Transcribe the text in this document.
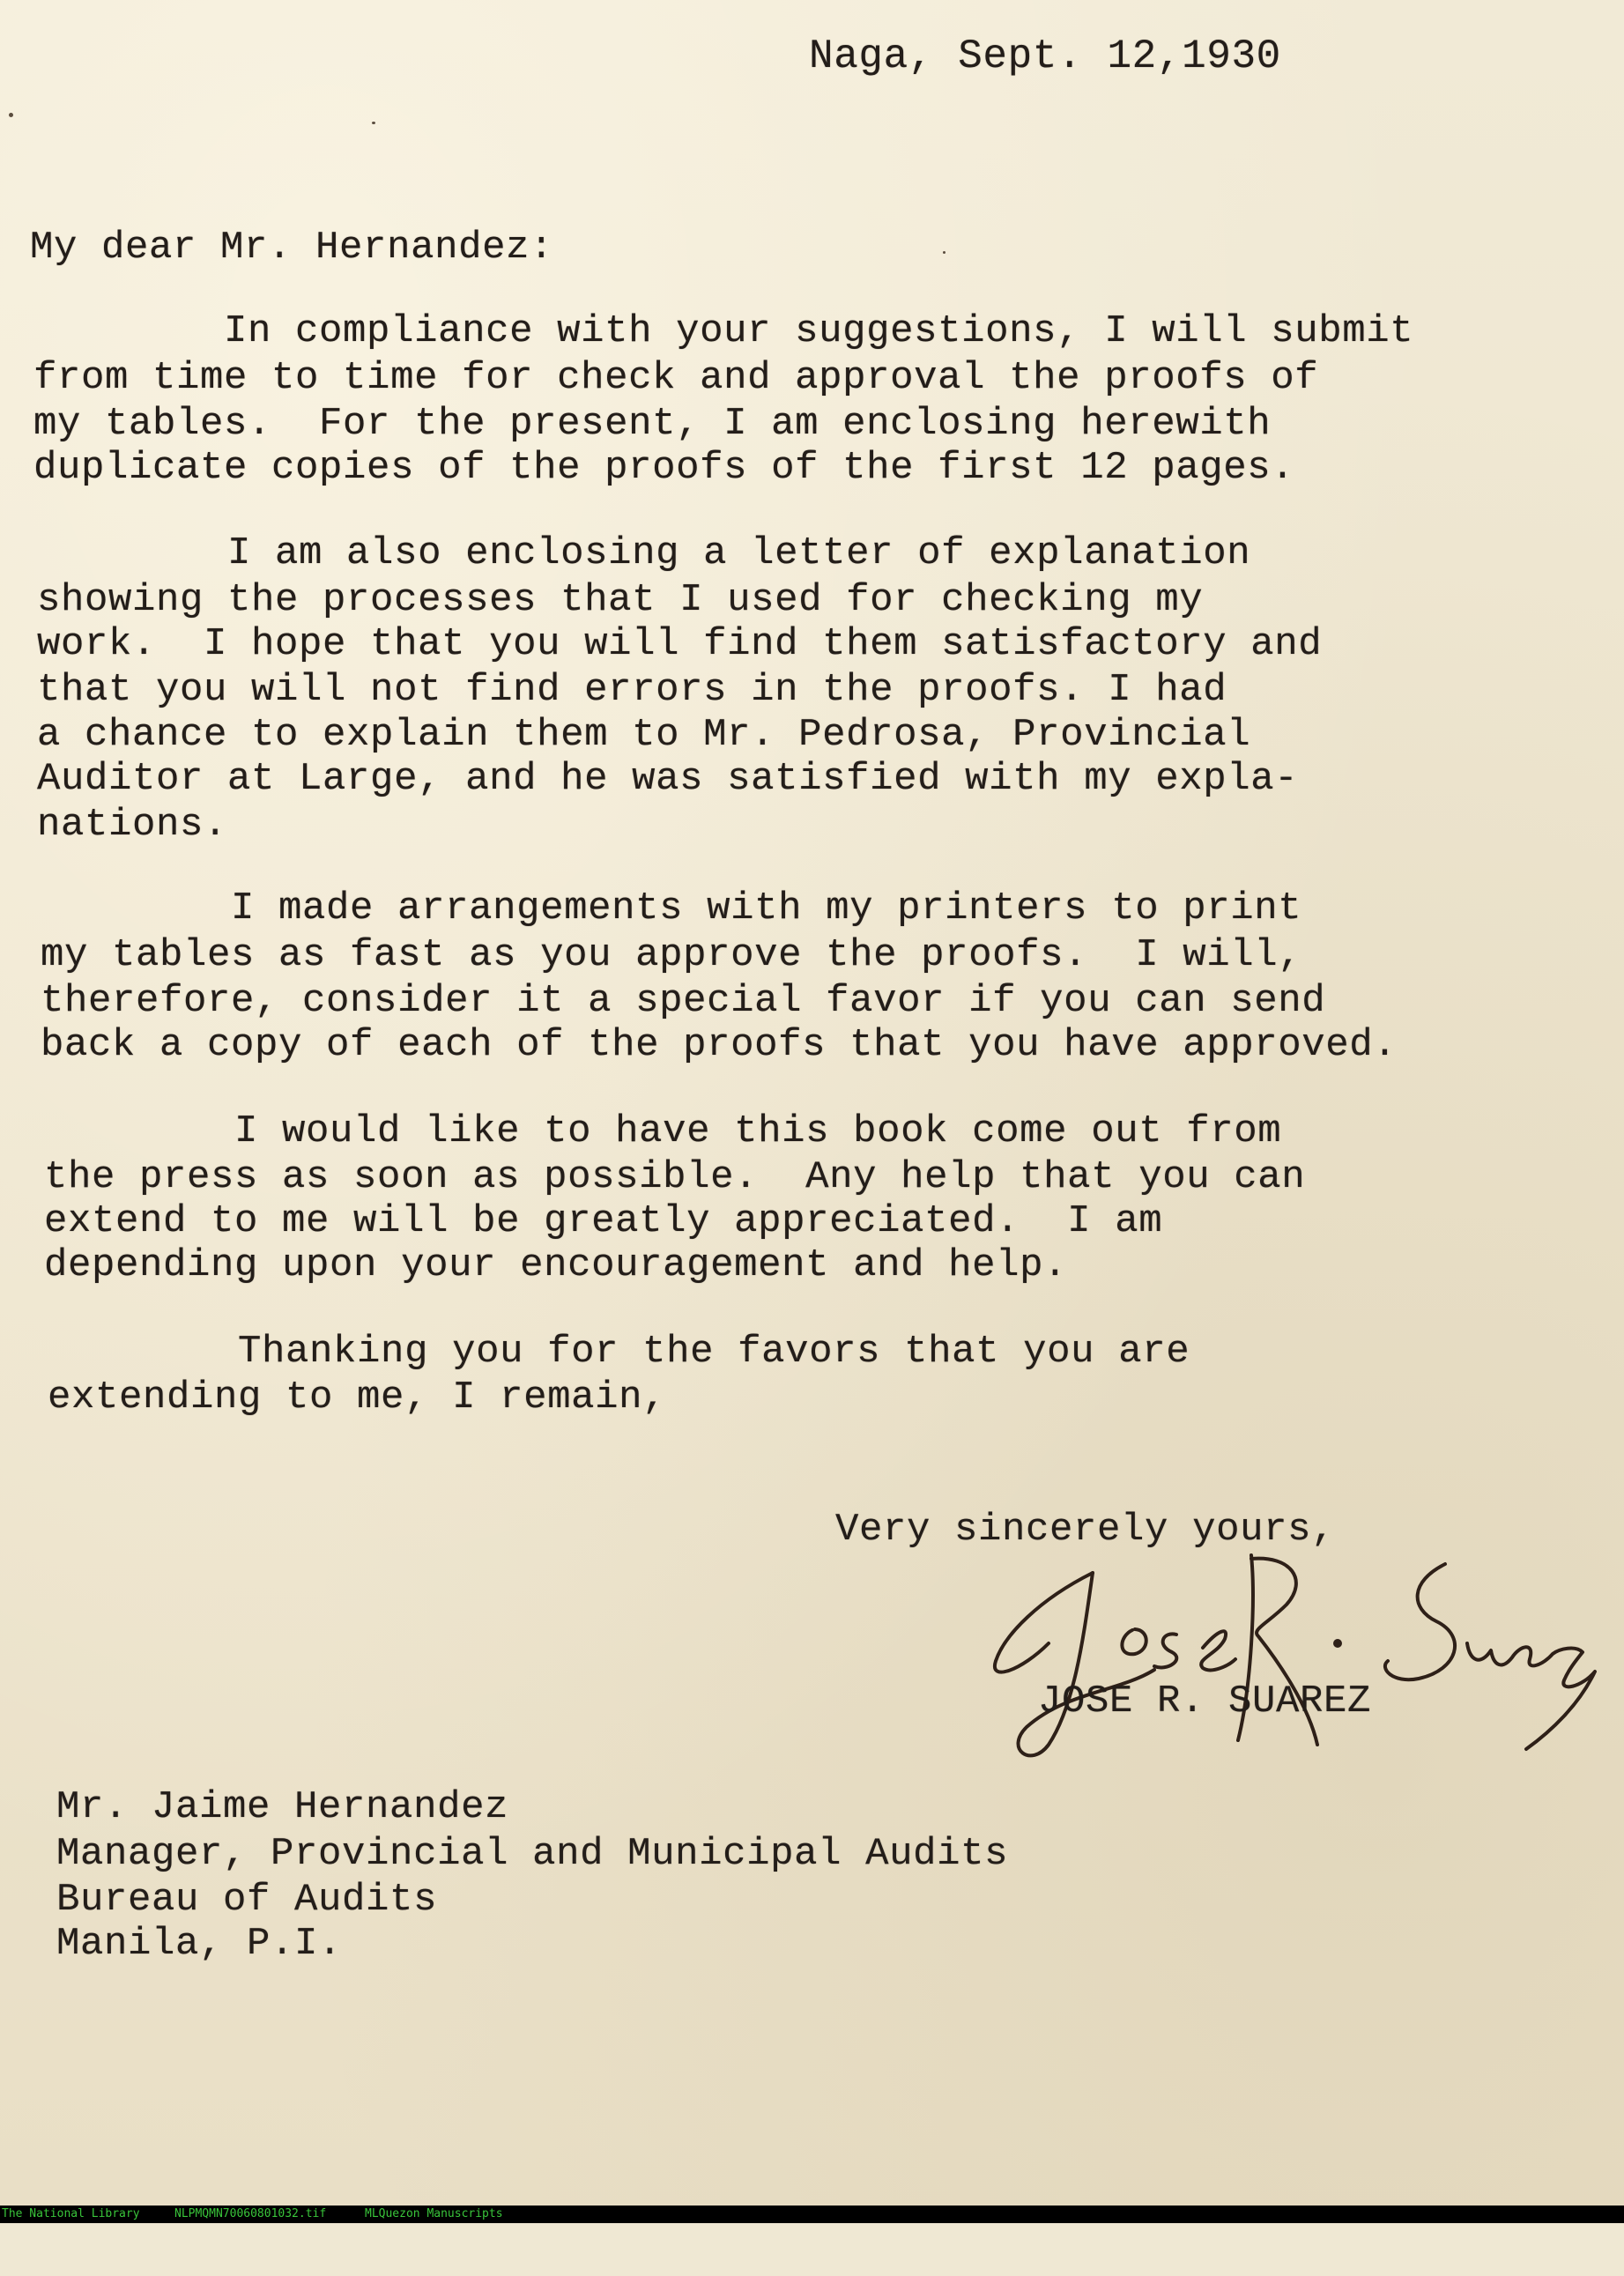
Naga, Sept. 12,1930
My dear Mr. Hernandez:
In compliance with your suggestions, I will submit
from time to time for check and approval the proofs of
my tables.  For the present, I am enclosing herewith
duplicate copies of the proofs of the first 12 pages.
I am also enclosing a letter of explanation
showing the processes that I used for checking my
work.  I hope that you will find them satisfactory and
that you will not find errors in the proofs. I had
a chance to explain them to Mr. Pedrosa, Provincial
Auditor at Large, and he was satisfied with my expla-
nations.
I made arrangements with my printers to print
my tables as fast as you approve the proofs.  I will,
therefore, consider it a special favor if you can send
back a copy of each of the proofs that you have approved.
I would like to have this book come out from
the press as soon as possible.  Any help that you can
extend to me will be greatly appreciated.  I am
depending upon your encouragement and help.
Thanking you for the favors that you are
extending to me, I remain,
Very sincerely yours,
JOSE R. SUAREZ
Mr. Jaime Hernandez
Manager, Provincial and Municipal Audits
Bureau of Audits
Manila, P.I.

The National Library

	NLPMQMN70060801032.tif

	MLQuezon Manuscripts
